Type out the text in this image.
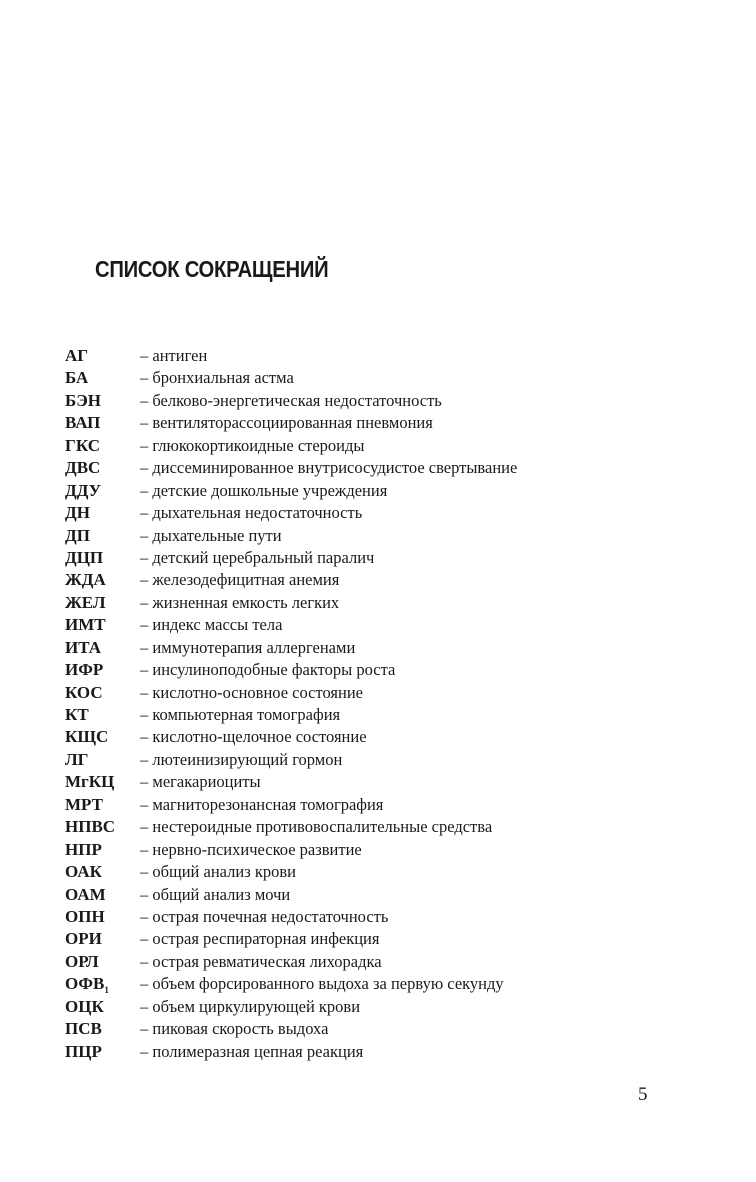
СПИСОК СОКРАЩЕНИЙ
АГ	– антиген
БА	– бронхиальная астма
БЭН	– белково-энергетическая недостаточность
ВАП	– вентиляторассоциированная пневмония
ГКС	– глюкокортикоидные стероиды
ДВС	– диссеминированное внутрисосудистое свертывание
ДДУ	– детские дошкольные учреждения
ДН	– дыхательная недостаточность
ДП	– дыхательные пути
ДЦП	– детский церебральный паралич
ЖДА	– железодефицитная анемия
ЖЕЛ	– жизненная емкость легких
ИМТ	– индекс массы тела
ИТА	– иммунотерапия аллергенами
ИФР	– инсулиноподобные факторы роста
КОС	– кислотно-основное состояние
КТ	– компьютерная томография
КЩС	– кислотно-щелочное состояние
ЛГ	– лютеинизирующий гормон
МгКЦ	– мегакариоциты
МРТ	– магниторезонансная томография
НПВС	– нестероидные противовоспалительные средства
НПР	– нервно-психическое развитие
ОАК	– общий анализ крови
ОАМ	– общий анализ мочи
ОПН	– острая почечная недостаточность
ОРИ	– острая респираторная инфекция
ОРЛ	– острая ревматическая лихорадка
$ОФВ_1$	– объем форсированного выдоха за первую секунду
ОЦК	– объем циркулирующей крови
ПСВ	– пиковая скорость выдоха
ПЦР	– полимеразная цепная реакция
5
